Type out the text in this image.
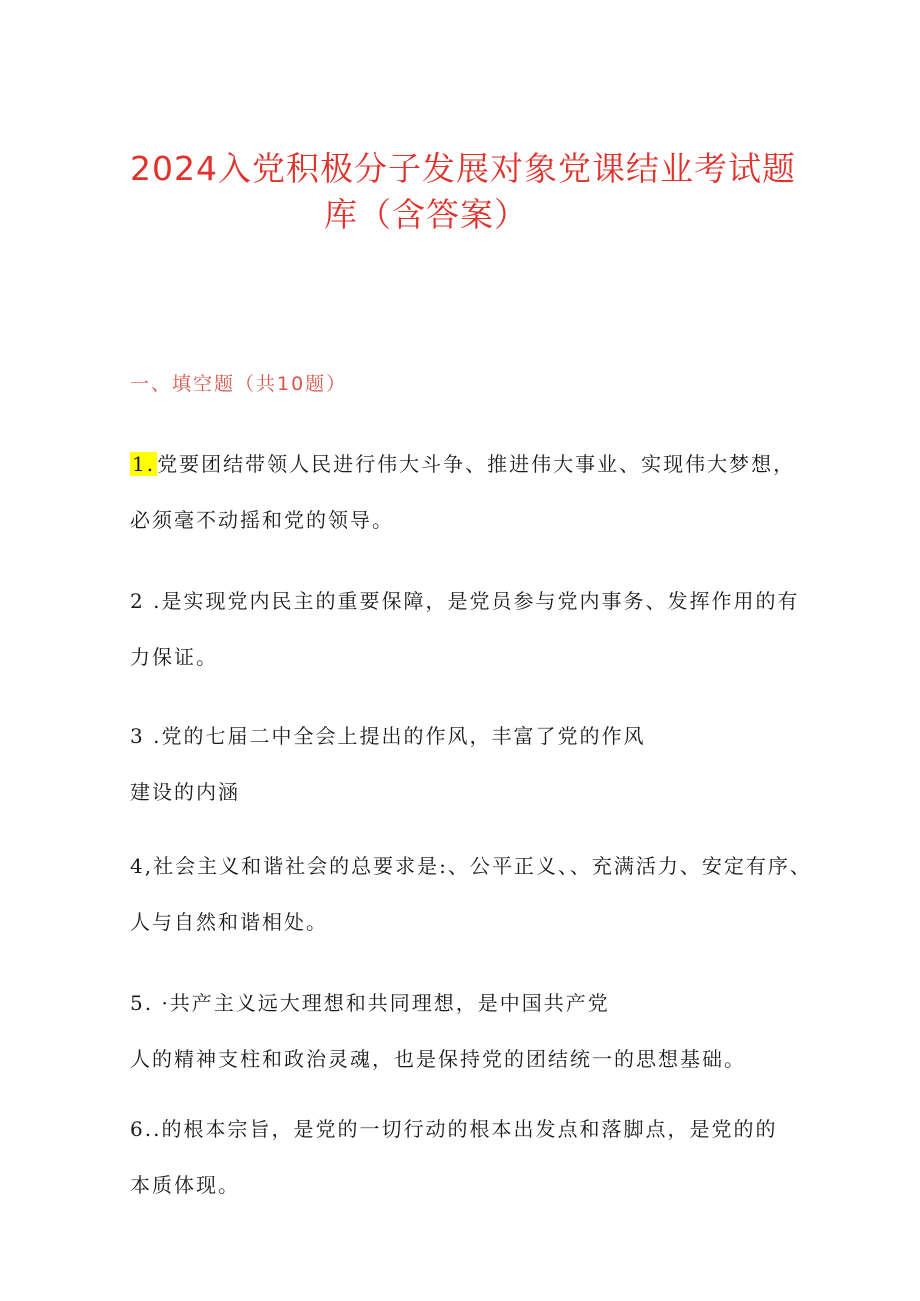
2024入党积极分子发展对象党课结业考试题
库（含答案）
一、填空题（共10题）
1. 党要团结带领人民进行伟大斗争、推进伟大事业、实现伟大梦想，
必须毫不动摇和党的领导。
2 .是实现党内民主的重要保障，是党员参与党内事务、发挥作用的有
力保证。
3 .党的七届二中全会上提出的作风，丰富了党的作风
建设的内涵
4,社会主义和谐社会的总要求是:、公平正义、、充满活力、安定有序、
人与自然和谐相处。
5. ·共产主义远大理想和共同理想，是中国共产党
人的精神支柱和政治灵魂，也是保持党的团结统一的思想基础。
6..的根本宗旨，是党的一切行动的根本出发点和落脚点，是党的的
本质体现。
